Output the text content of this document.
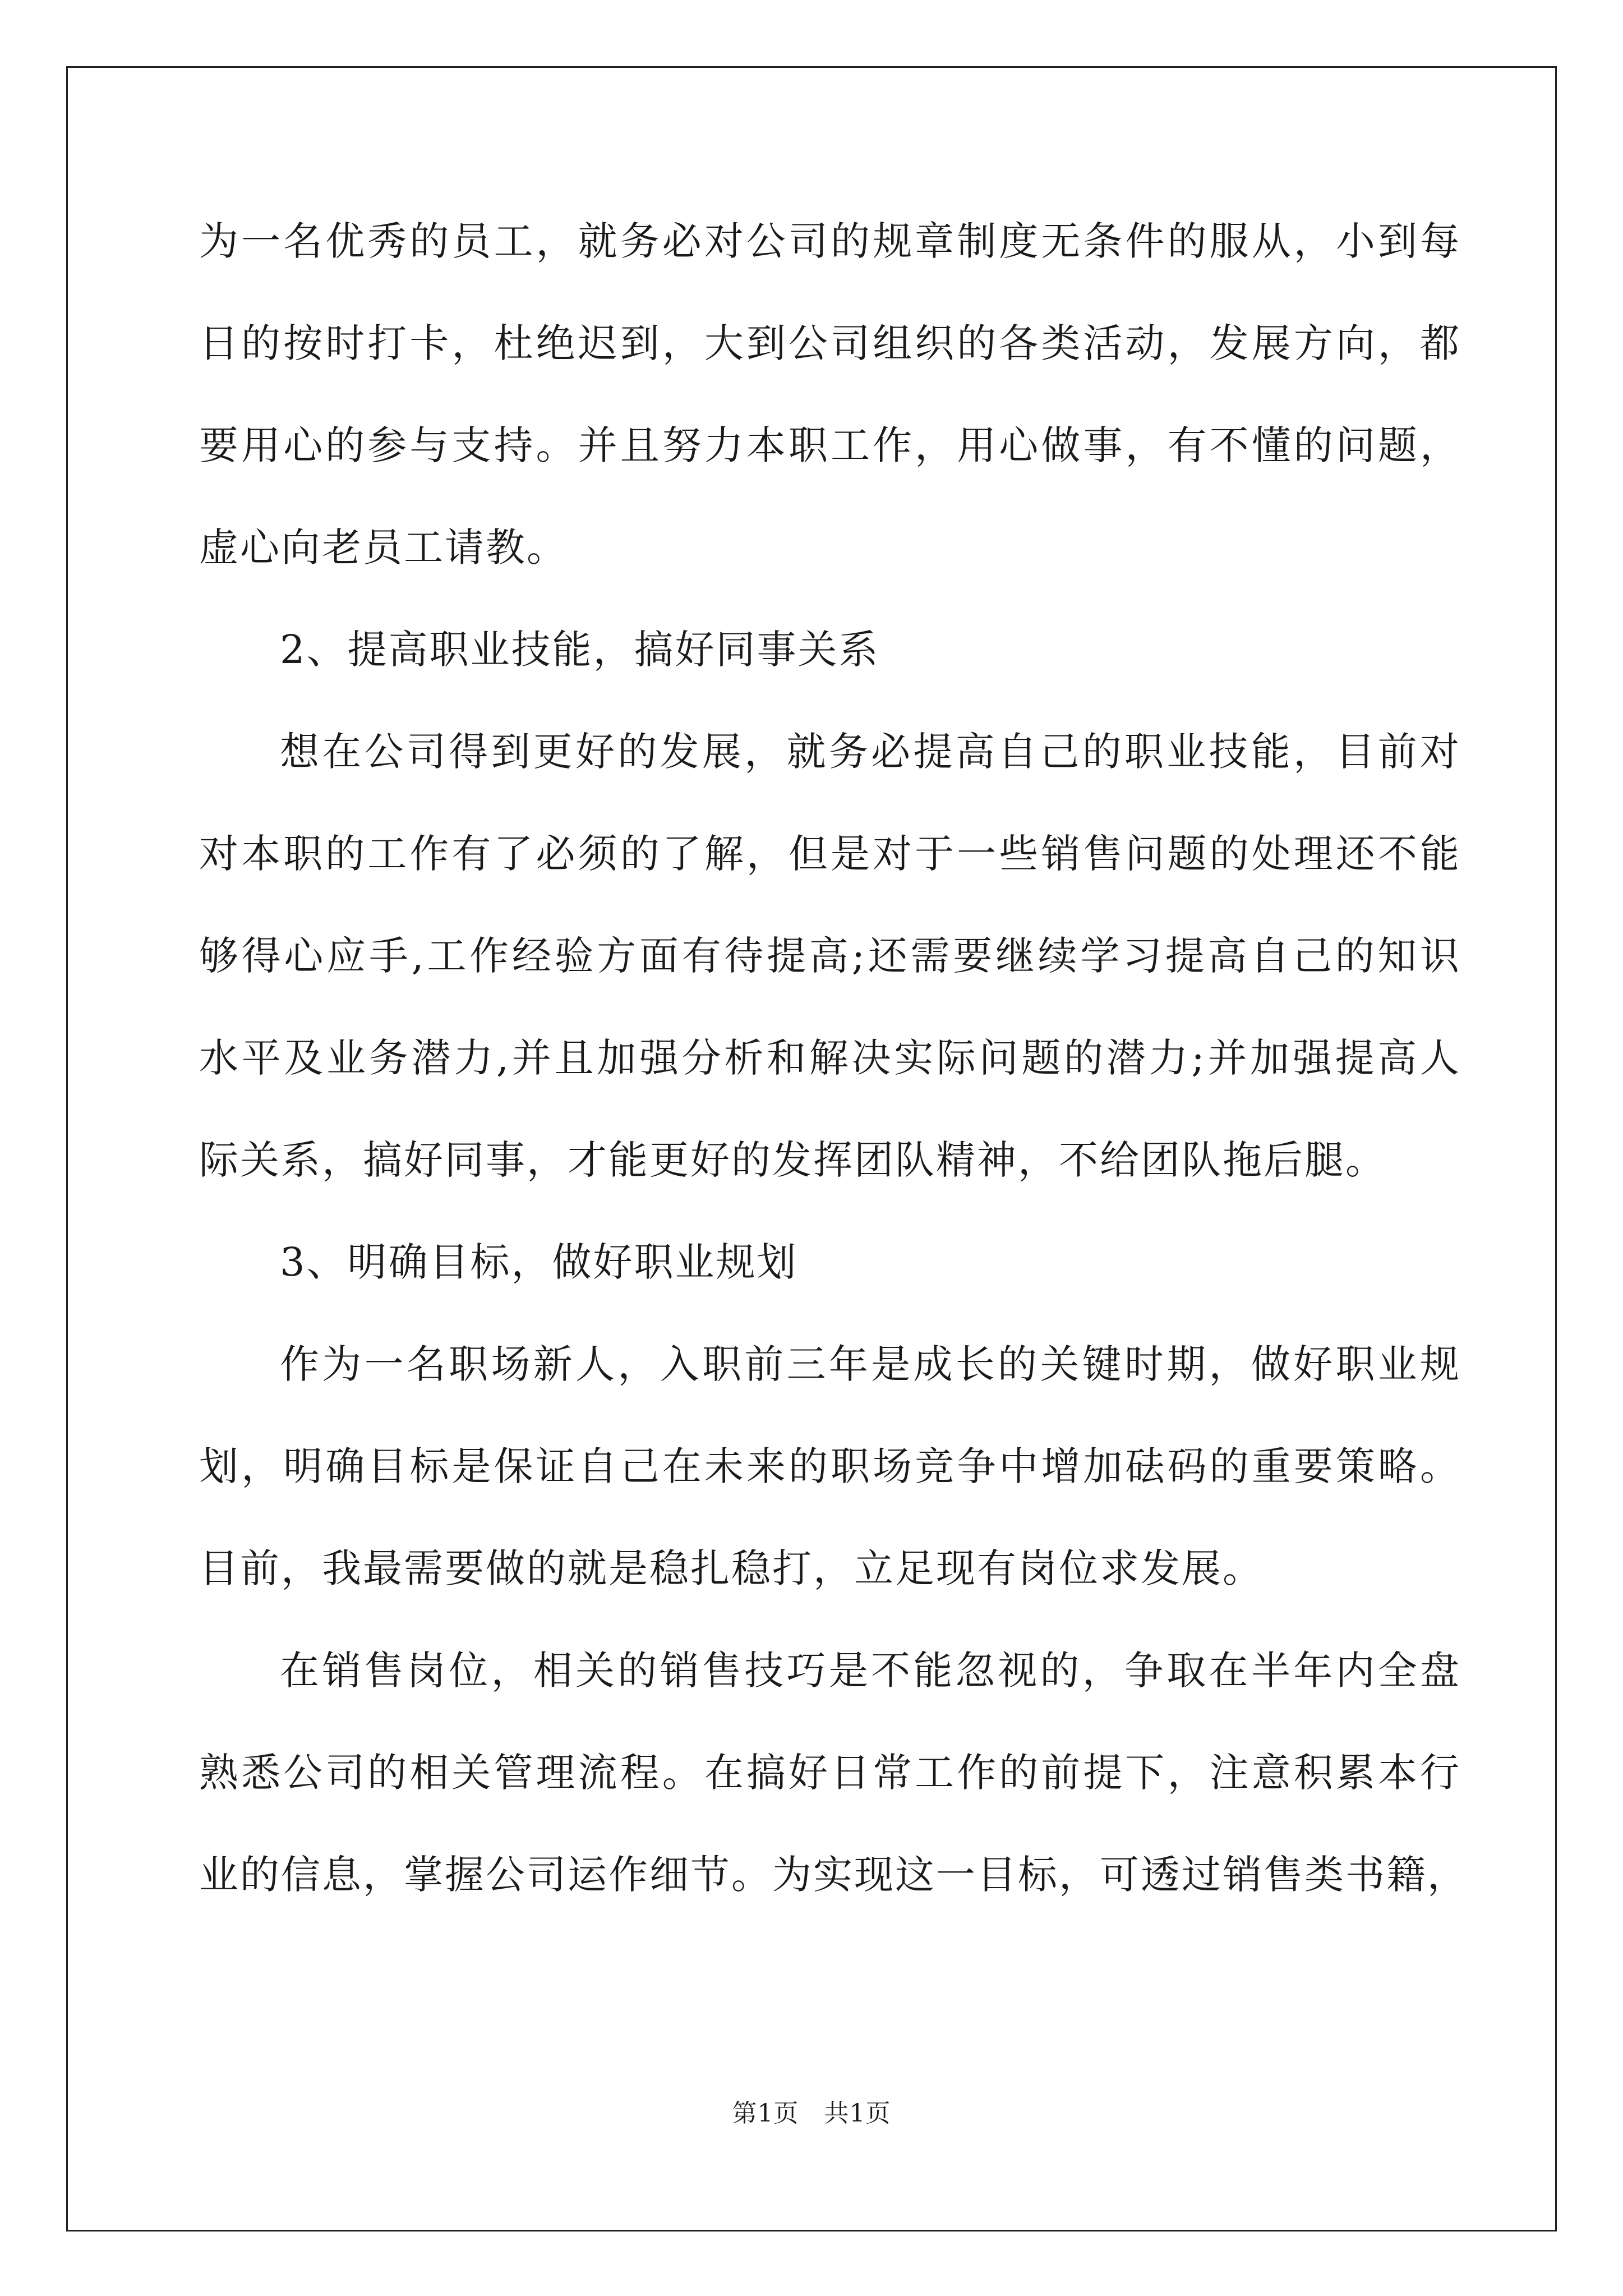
为一名优秀的员工，就务必对公司的规章制度无条件的服从，小到每
日的按时打卡，杜绝迟到，大到公司组织的各类活动，发展方向，都
要用心的参与支持。并且努力本职工作，用心做事，有不懂的问题，
虚心向老员工请教。
2、提高职业技能，搞好同事关系
想在公司得到更好的发展，就务必提高自己的职业技能，目前对
对本职的工作有了必须的了解，但是对于一些销售问题的处理还不能
够得心应手,工作经验方面有待提高;还需要继续学习提高自己的知识
水平及业务潜力,并且加强分析和解决实际问题的潜力;并加强提高人
际关系，搞好同事，才能更好的发挥团队精神，不给团队拖后腿。
3、明确目标，做好职业规划
作为一名职场新人，入职前三年是成长的关键时期，做好职业规
划，明确目标是保证自己在未来的职场竞争中增加砝码的重要策略。
目前，我最需要做的就是稳扎稳打，立足现有岗位求发展。
在销售岗位，相关的销售技巧是不能忽视的，争取在半年内全盘
熟悉公司的相关管理流程。在搞好日常工作的前提下，注意积累本行
业的信息，掌握公司运作细节。为实现这一目标，可透过销售类书籍，
第1页　共1页
